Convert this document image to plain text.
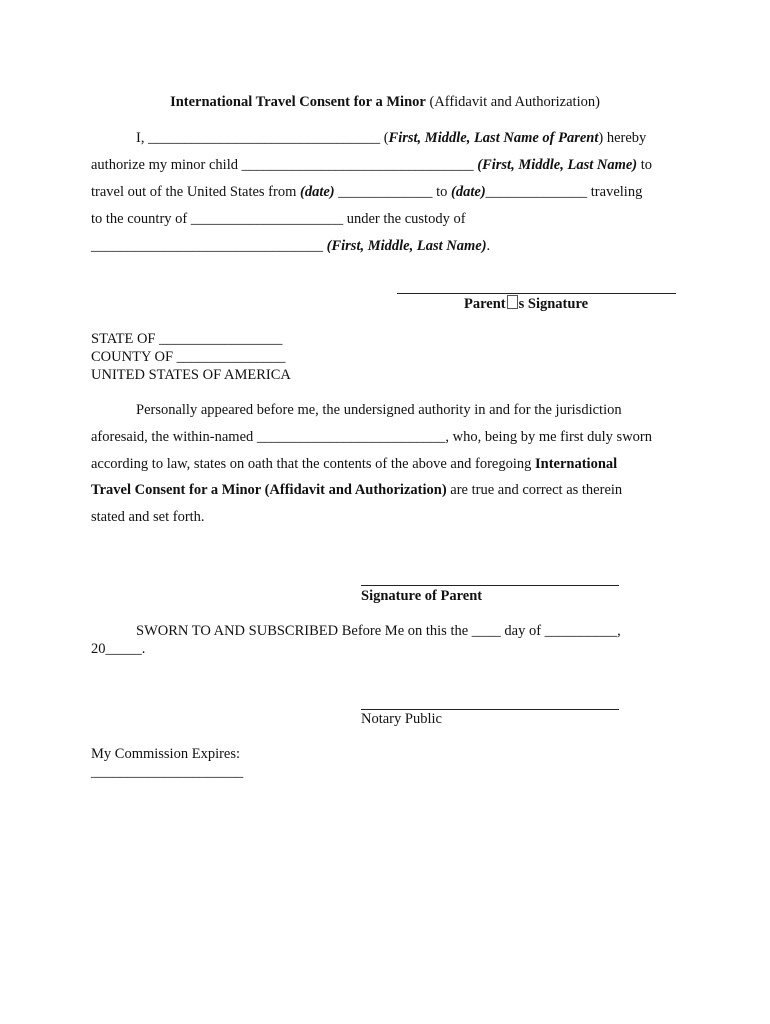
International Travel Consent for a Minor (Affidavit and Authorization)
I, ________________________________ (First, Middle, Last Name of Parent) hereby
authorize my minor child ________________________________ (First, Middle, Last Name) to
travel out of the United States from (date) _____________ to (date)______________ traveling
to the country of _____________________ under the custody of
________________________________ (First, Middle, Last Name).
Parent s Signature
STATE OF _________________
COUNTY OF _______________
UNITED STATES OF AMERICA
Personally appeared before me, the undersigned authority in and for the jurisdiction
aforesaid, the within-named __________________________, who, being by me first duly sworn
according to law, states on oath that the contents of the above and foregoing International
Travel Consent for a Minor (Affidavit and Authorization) are true and correct as therein
stated and set forth.
Signature of Parent
SWORN TO AND SUBSCRIBED Before Me on this the ____ day of __________,
20_____.
Notary Public
My Commission Expires:
_____________________
